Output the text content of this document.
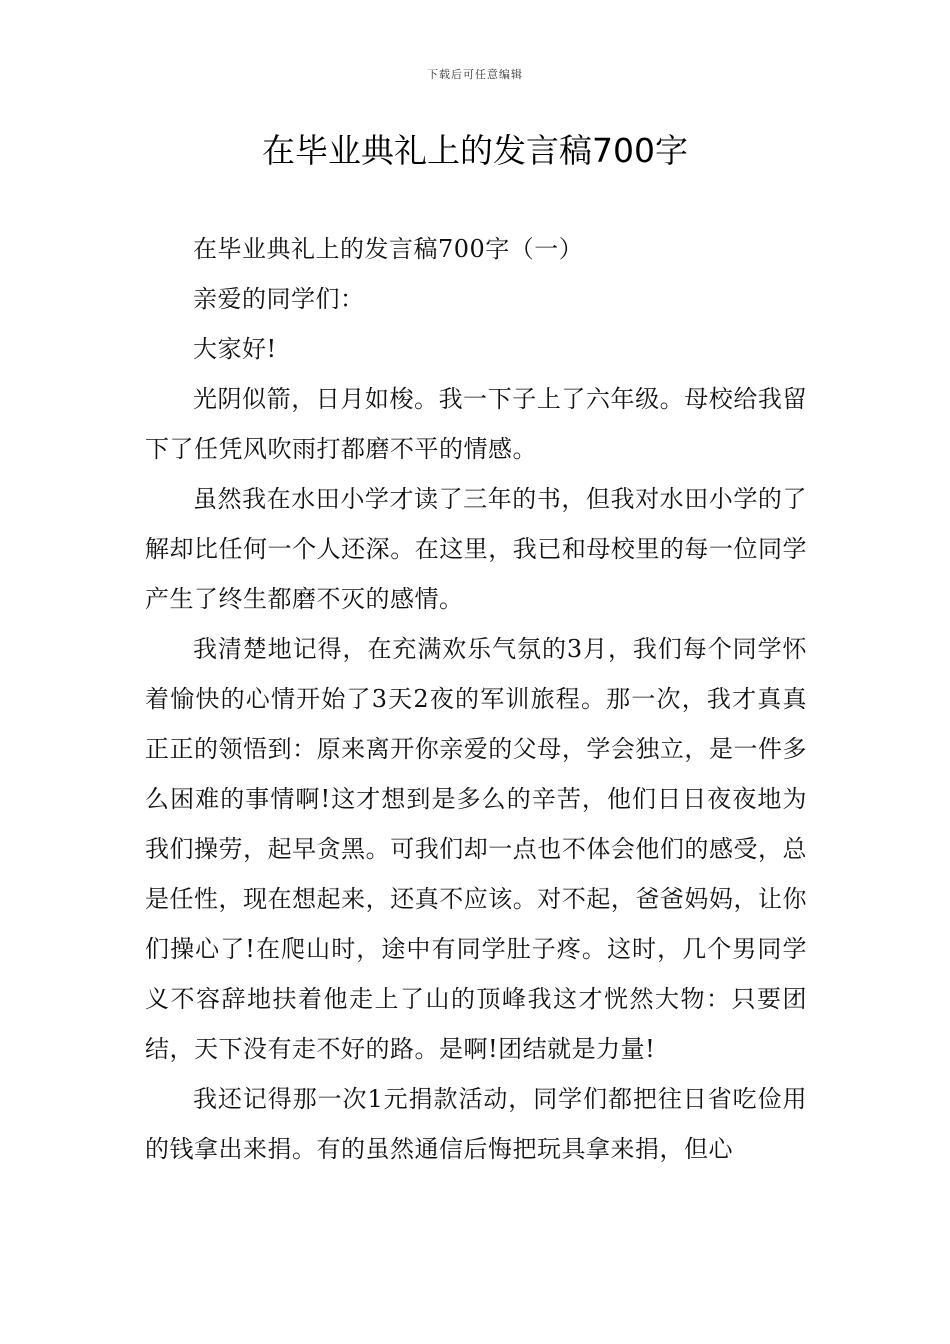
下载后可任意编辑
在毕业典礼上的发言稿700字

在毕业典礼上的发言稿700字（一）

亲爱的同学们：

大家好!

光阴似箭，日月如梭。我一下子上了六年级。母校给我留下了任凭风吹雨打都磨不平的情感。

虽然我在水田小学才读了三年的书，但我对水田小学的了解却比任何一个人还深。在这里，我已和母校里的每一位同学产生了终生都磨不灭的感情。

我清楚地记得，在充满欢乐气氛的3月，我们每个同学怀着愉快的心情开始了3天2夜的军训旅程。那一次，我才真真正正的领悟到：原来离开你亲爱的父母，学会独立，是一件多么困难的事情啊!这才想到是多么的辛苦，他们日日夜夜地为我们操劳，起早贪黑。可我们却一点也不体会他们的感受，总是任性，现在想起来，还真不应该。对不起，爸爸妈妈，让你们操心了!在爬山时，途中有同学肚子疼。这时，几个男同学义不容辞地扶着他走上了山的顶峰我这才恍然大物：只要团结，天下没有走不好的路。是啊!团结就是力量!

我还记得那一次1元捐款活动，同学们都把往日省吃俭用的钱拿出来捐。有的虽然通信后悔把玩具拿来捐，但心
